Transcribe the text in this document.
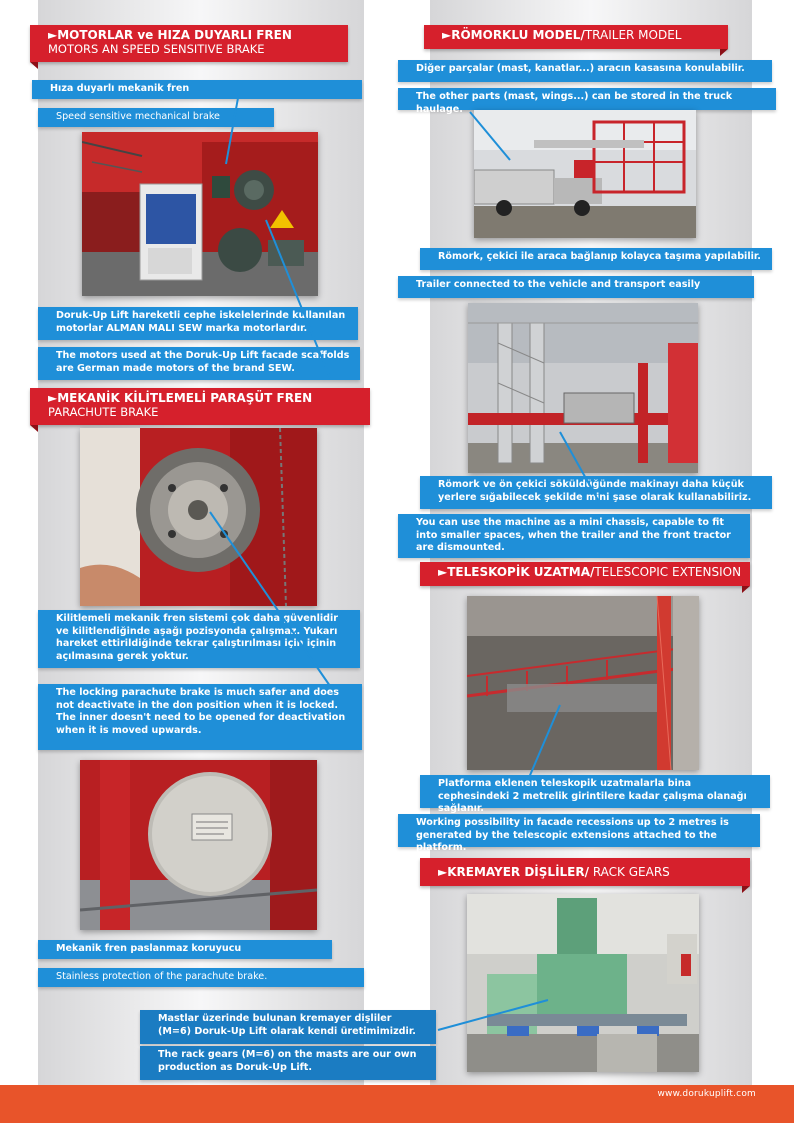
►MOTORLAR ve HIZA DUYARLI FREN
MOTORS AN SPEED SENSITIVE BRAKE
Hıza duyarlı mekanik fren
Speed sensitive mechanical brake
Doruk-Up Lift hareketli cephe iskelelerinde kullanılan motorlar ALMAN MALI SEW marka motorlardır.
The motors used at the Doruk-Up Lift facade scaffolds are German made motors of the brand SEW.
►MEKANİK KİLİTLEMELİ PARAŞÜT FREN
PARACHUTE BRAKE
Kilitlemeli mekanik fren sistemi çok daha güvenlidir ve kilitlendiğinde aşağı pozisyonda çalışmaz. Yukarı hareket ettirildiğinde tekrar çalıştırılması için içinin açılmasına gerek yoktur.
The locking parachute brake is much safer and does not deactivate in the don position when it is locked. The inner doesn't need to be opened for deactivation when it is moved upwards.
Mekanik fren paslanmaz koruyucu
Stainless protection of the parachute brake.
Mastlar üzerinde bulunan kremayer dişliler (M=6) Doruk-Up Lift olarak kendi üretimimizdir.
The rack gears (M=6) on the masts are our own production as Doruk-Up Lift.
►RÖMORKLU MODEL/TRAILER MODEL
Diğer parçalar (mast, kanatlar...) aracın kasasına konulabilir.
The other parts (mast, wings...) can be stored in the truck haulage.
Römork, çekici ile araca bağlanıp kolayca taşıma yapılabilir.
Trailer connected to the vehicle and transport easily
Römork ve ön çekici söküldüğünde makinayı daha küçük yerlere sığabilecek şekilde mini şase olarak kullanabiliriz.
You can use the machine as a mini chassis, capable to fit into smaller spaces, when the trailer and the front tractor are dismounted.
►TELESKOPİK UZATMA/TELESCOPIC EXTENSION
Platforma eklenen teleskopik uzatmalarla bina cephesindeki 2 metrelik girintilere kadar çalışma olanağı sağlanır.
Working possibility in facade recessions up to 2 metres is generated by the telescopic extensions attached to the platform.
►KREMAYER DİŞLİLER/ RACK GEARS
www.dorukuplift.com
